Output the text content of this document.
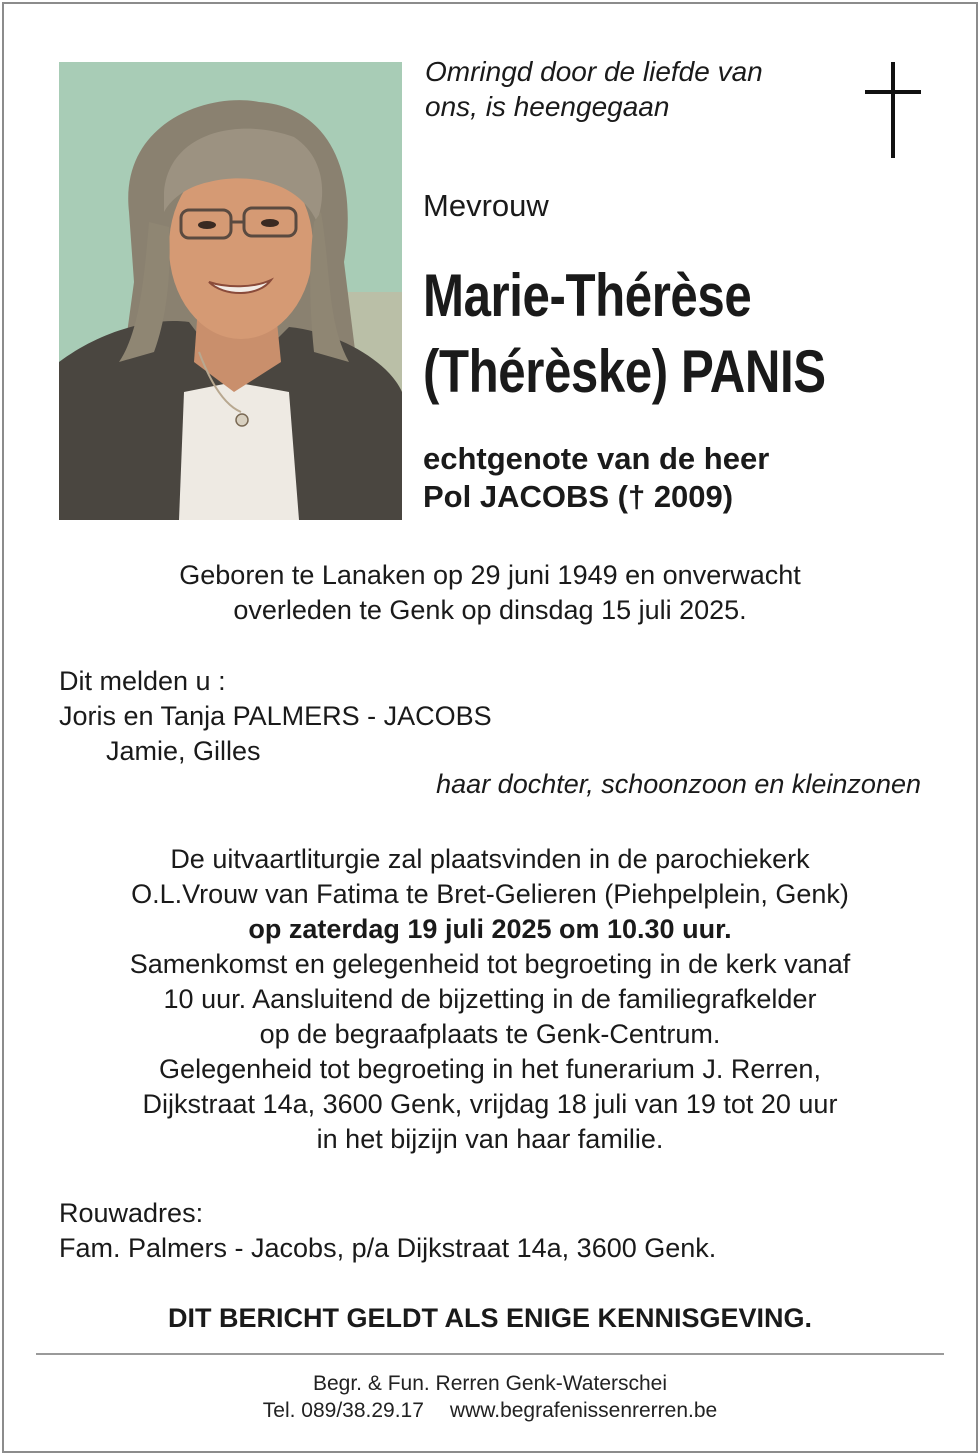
Omringd door de liefde van
ons, is heengegaan
Mevrouw
Marie-Thérèse
(Thérèske) PANIS
echtgenote van de heer
Pol JACOBS († 2009)
Geboren te Lanaken op 29 juni 1949 en onverwacht
overleden te Genk op dinsdag 15 juli 2025.
Dit melden u :
Joris en Tanja PALMERS - JACOBS
Jamie, Gilles
haar dochter, schoonzoon en kleinzonen
De uitvaartliturgie zal plaatsvinden in de parochiekerk
O.L.Vrouw van Fatima te Bret-Gelieren (Piehpelplein, Genk)
op zaterdag 19 juli 2025 om 10.30 uur.
Samenkomst en gelegenheid tot begroeting in de kerk vanaf
10 uur. Aansluitend de bijzetting in de familiegrafkelder
op de begraafplaats te Genk-Centrum.
Gelegenheid tot begroeting in het funerarium J. Rerren,
Dijkstraat 14a, 3600 Genk, vrijdag 18 juli van 19 tot 20 uur
in het bijzijn van haar familie.
Rouwadres:
Fam. Palmers - Jacobs, p/a Dijkstraat 14a, 3600 Genk.
DIT BERICHT GELDT ALS ENIGE KENNISGEVING.
Begr. & Fun. Rerren Genk-Waterschei
Tel. 089/38.29.17 www.begrafenissenrerren.be
